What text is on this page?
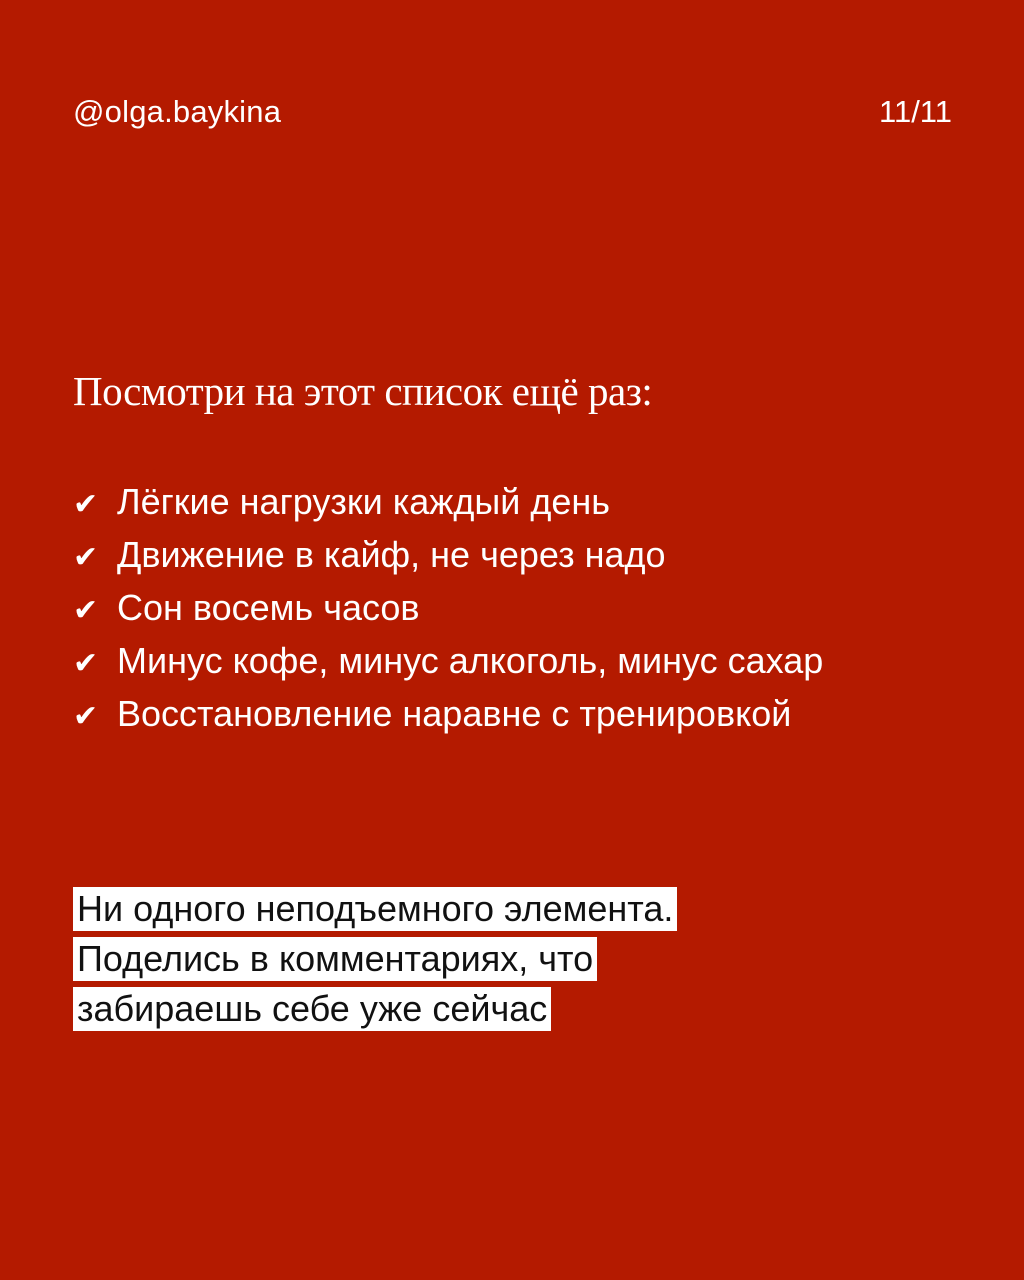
@olga.baykina	11/11
Посмотри на этот список ещё раз:
✔ Лёгкие нагрузки каждый день
✔ Движение в кайф, не через надо
✔ Сон восемь часов
✔ Минус кофе, минус алкоголь, минус сахар
✔ Восстановление наравне с тренировкой
Ни одного неподъемного элемента.
Поделись в комментариях, что
забираешь себе уже сейчас
